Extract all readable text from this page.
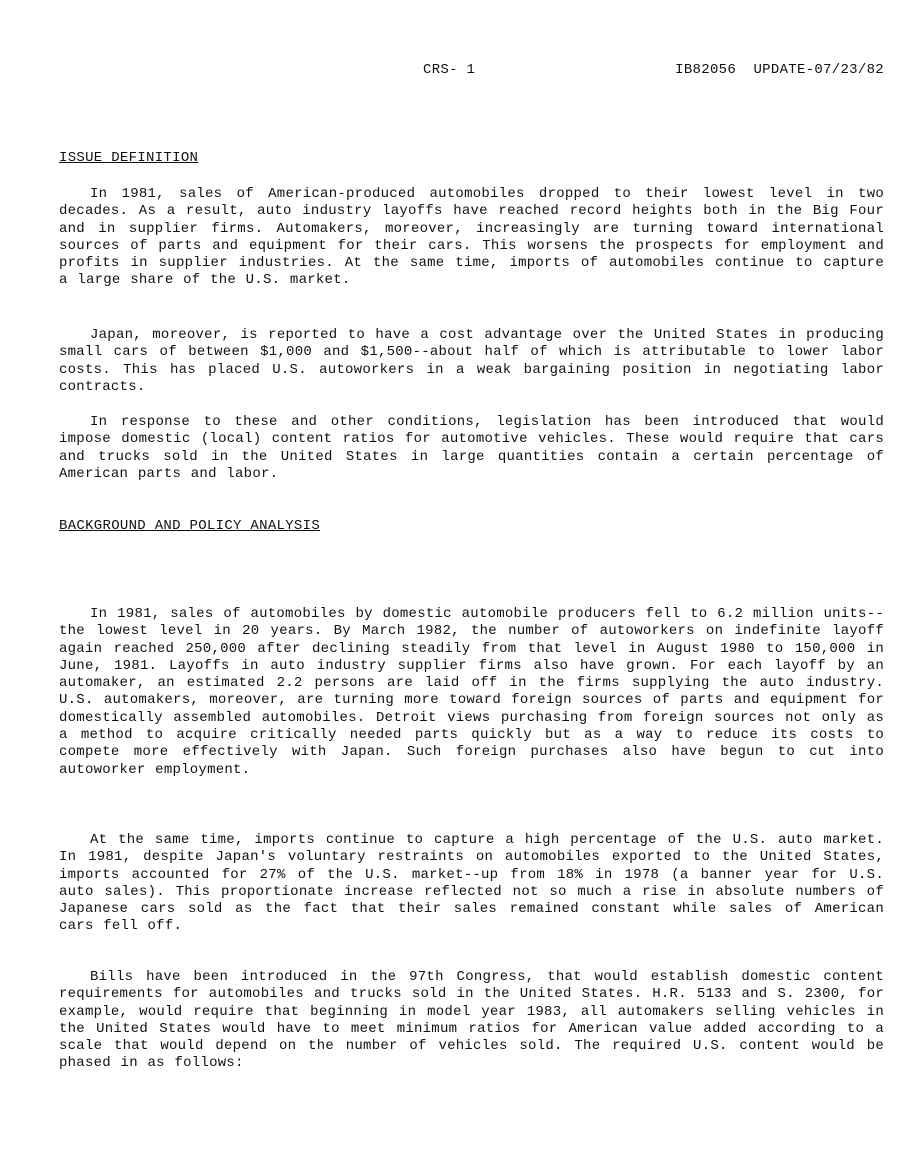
CRS- 1	IB82056  UPDATE-07/23/82
ISSUE DEFINITION

In 1981, sales of American-produced automobiles dropped to their lowest level in two decades. As a result, auto industry layoffs have reached record heights both in the Big Four and in supplier firms. Automakers, moreover, increasingly are turning toward international sources of parts and equipment for their cars. This worsens the prospects for employment and profits in supplier industries. At the same time, imports of automobiles continue to capture a large share of the U.S. market.

Japan, moreover, is reported to have a cost advantage over the United States in producing small cars of between $1,000 and $1,500--about half of which is attributable to lower labor costs. This has placed U.S. autoworkers in a weak bargaining position in negotiating labor contracts.

In response to these and other conditions, legislation has been introduced that would impose domestic (local) content ratios for automotive vehicles. These would require that cars and trucks sold in the United States in large quantities contain a certain percentage of American parts and labor.

BACKGROUND AND POLICY ANALYSIS

In 1981, sales of automobiles by domestic automobile producers fell to 6.2 million units--the lowest level in 20 years. By March 1982, the number of autoworkers on indefinite layoff again reached 250,000 after declining steadily from that level in August 1980 to 150,000 in June, 1981. Layoffs in auto industry supplier firms also have grown. For each layoff by an automaker, an estimated 2.2 persons are laid off in the firms supplying the auto industry. U.S. automakers, moreover, are turning more toward foreign sources of parts and equipment for domestically assembled automobiles. Detroit views purchasing from foreign sources not only as a method to acquire critically needed parts quickly but as a way to reduce its costs to compete more effectively with Japan. Such foreign purchases also have begun to cut into autoworker employment.

At the same time, imports continue to capture a high percentage of the U.S. auto market. In 1981, despite Japan's voluntary restraints on automobiles exported to the United States, imports accounted for 27% of the U.S. market--up from 18% in 1978 (a banner year for U.S. auto sales). This proportionate increase reflected not so much a rise in absolute numbers of Japanese cars sold as the fact that their sales remained constant while sales of American cars fell off.

Bills have been introduced in the 97th Congress, that would establish domestic content requirements for automobiles and trucks sold in the United States. H.R. 5133 and S. 2300, for example, would require that beginning in model year 1983, all automakers selling vehicles in the United States would have to meet minimum ratios for American value added according to a scale that would depend on the number of vehicles sold. The required U.S. content would be phased in as follows:
